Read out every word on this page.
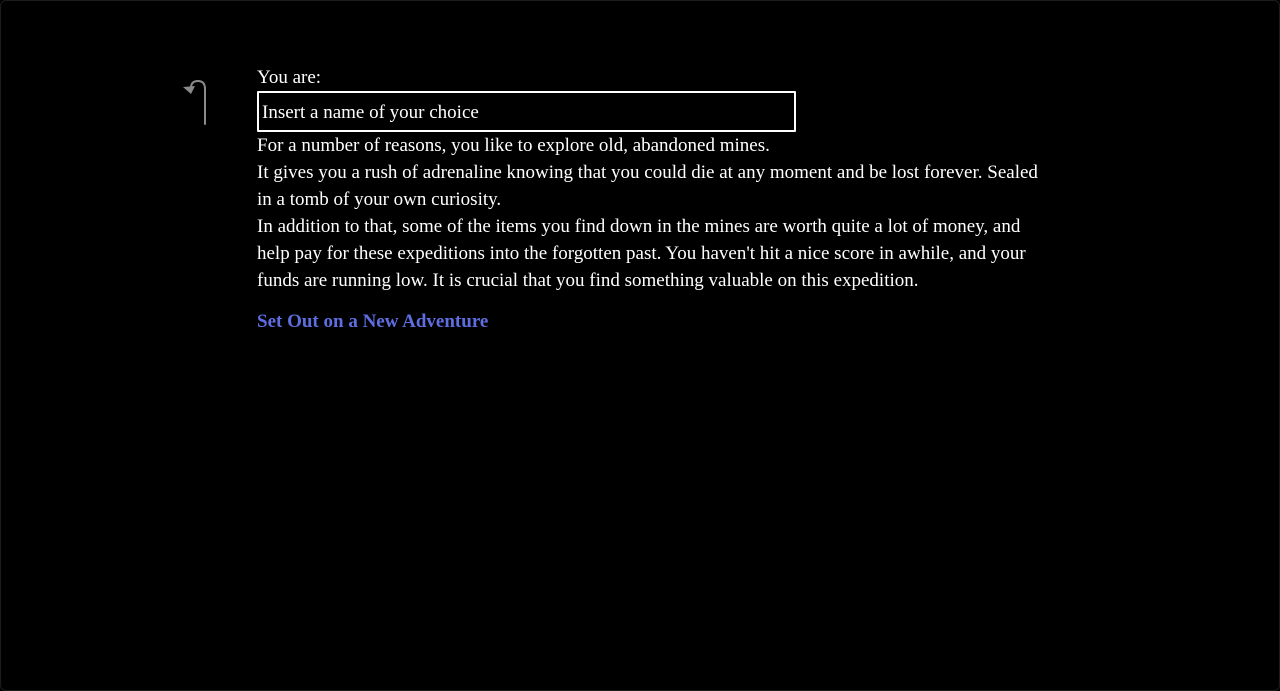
You are:
Insert a name of your choice

For a number of reasons, you like to explore old, abandoned mines.

It gives you a rush of adrenaline knowing that you could die at any moment and be lost forever. Sealed in a tomb of your own curiosity.

In addition to that, some of the items you find down in the mines are worth quite a lot of money, and help pay for these expeditions into the forgotten past. You haven't hit a nice score in awhile, and your funds are running low. It is crucial that you find something valuable on this expedition.

Set Out on a New Adventure
